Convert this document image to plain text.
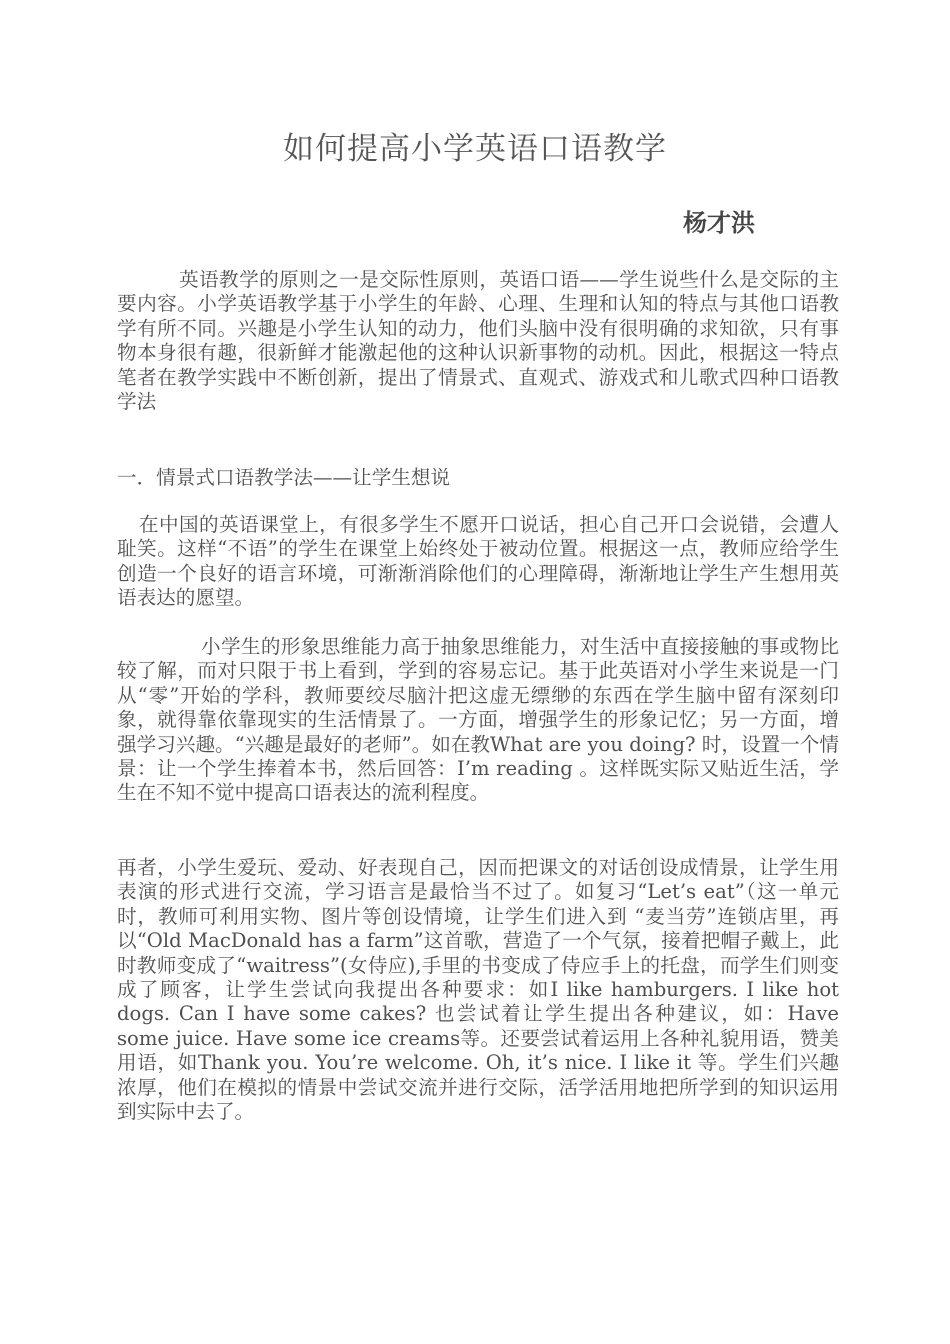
如何提高小学英语口语教学
杨才洪

英语教学的原则之一是交际性原则，英语口语——学生说些什么是交际的主要内容。小学英语教学基于小学生的年龄、心理、生理和认知的特点与其他口语教学有所不同。兴趣是小学生认知的动力，他们头脑中没有很明确的求知欲，只有事物本身很有趣，很新鲜才能激起他的这种认识新事物的动机。因此，根据这一特点笔者在教学实践中不断创新，提出了情景式、直观式、游戏式和儿歌式四种口语教学法

一．情景式口语教学法——让学生想说

在中国的英语课堂上，有很多学生不愿开口说话，担心自己开口会说错，会遭人耻笑。这样“不语”的学生在课堂上始终处于被动位置。根据这一点，教师应给学生创造一个良好的语言环境，可渐渐消除他们的心理障碍，渐渐地让学生产生想用英语表达的愿望。

小学生的形象思维能力高于抽象思维能力，对生活中直接接触的事或物比较了解，而对只限于书上看到，学到的容易忘记。基于此英语对小学生来说是一门从“零”开始的学科，教师要绞尽脑汁把这虚无缥缈的东西在学生脑中留有深刻印象，就得靠依靠现实的生活情景了。一方面，增强学生的形象记忆；另一方面，增强学习兴趣。“兴趣是最好的老师”。如在教What are you doing? 时，设置一个情景：让一个学生捧着本书，然后回答：I’m reading 。这样既实际又贴近生活，学生在不知不觉中提高口语表达的流利程度。

再者，小学生爱玩、爱动、好表现自己，因而把课文的对话创设成情景，让学生用表演的形式进行交流，学习语言是最恰当不过了。如复习“Let’s eat”（这一单元时，教师可利用实物、图片等创设情境，让学生们进入到 “麦当劳”连锁店里，再以“Old MacDonald has a farm”这首歌，营造了一个气氛，接着把帽子戴上，此时教师变成了“waitress”(女侍应),手里的书变成了侍应手上的托盘，而学生们则变成了顾客，让学生尝试向我提出各种要求：如I like hamburgers. I like hot dogs. Can I have some cakes? 也尝试着让学生提出各种建议，如：Have some juice. Have some ice creams等。还要尝试着运用上各种礼貌用语，赞美用语，如Thank you. You’re welcome. Oh, it’s nice. I like it 等。学生们兴趣浓厚，他们在模拟的情景中尝试交流并进行交际，活学活用地把所学到的知识运用到实际中去了。
